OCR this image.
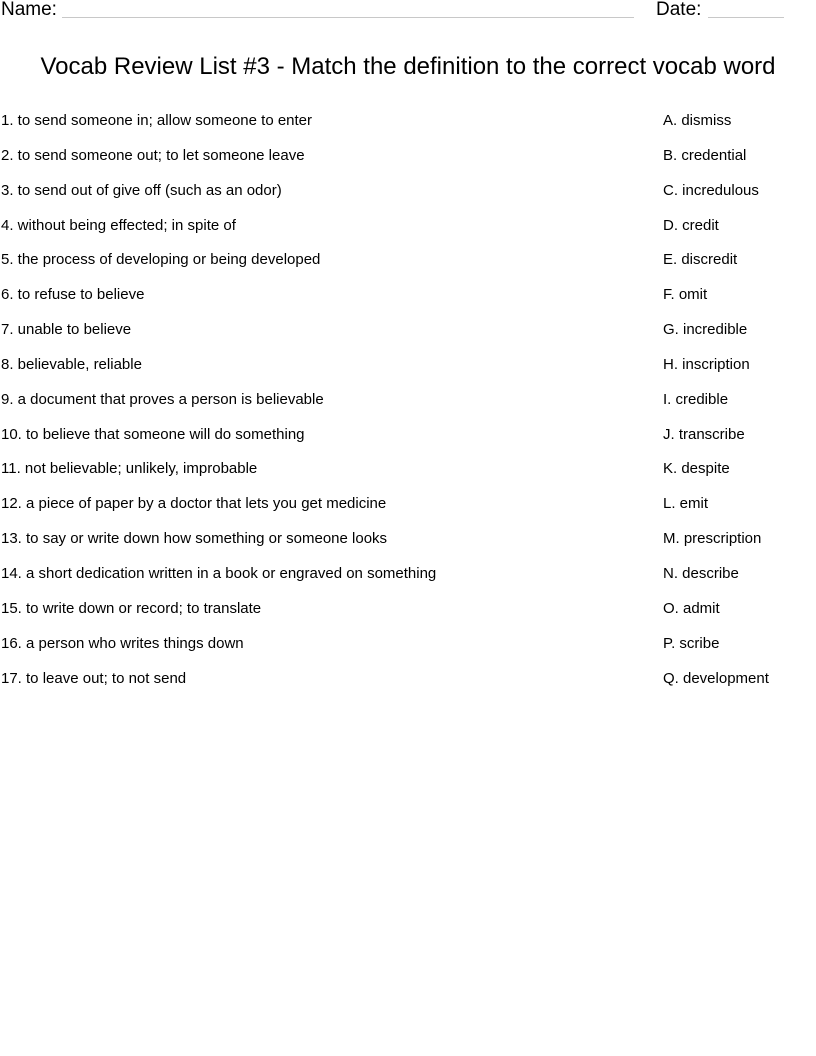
Name:	Date:
Vocab Review List #3 - Match the definition to the correct vocab word
1. to send someone in; allow someone to enter
2. to send someone out; to let someone leave
3. to send out of give off (such as an odor)
4. without being effected; in spite of
5. the process of developing or being developed
6. to refuse to believe
7. unable to believe
8. believable, reliable
9. a document that proves a person is believable
10. to believe that someone will do something
11. not believable; unlikely, improbable
12. a piece of paper by a doctor that lets you get medicine
13. to say or write down how something or someone looks
14. a short dedication written in a book or engraved on something
15. to write down or record; to translate
16. a person who writes things down
17. to leave out; to not send
A. dismiss
B. credential
C. incredulous
D. credit
E. discredit
F. omit
G. incredible
H. inscription
I. credible
J. transcribe
K. despite
L. emit
M. prescription
N. describe
O. admit
P. scribe
Q. development
